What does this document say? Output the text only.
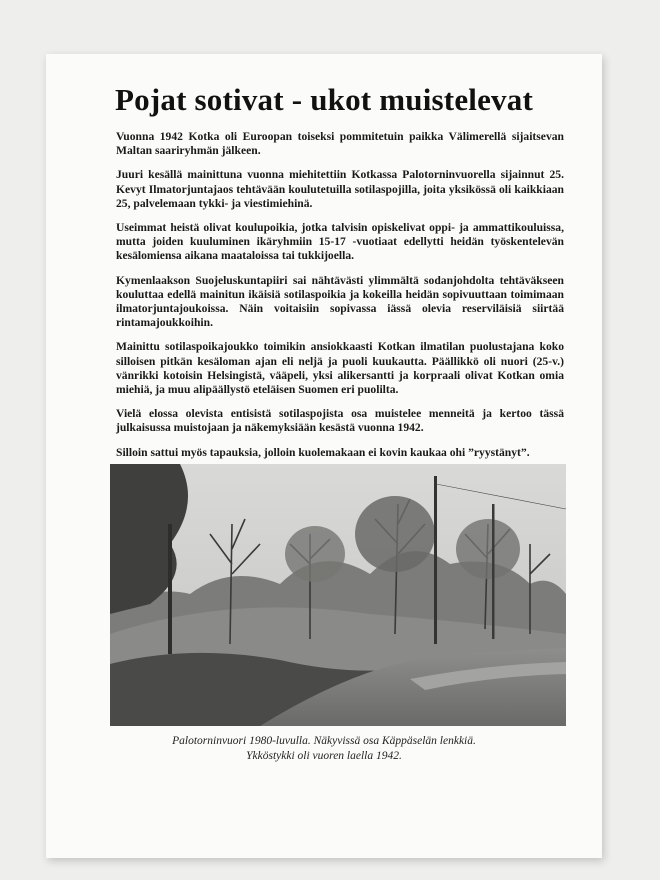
Pojat sotivat - ukot muistelevat

Vuonna 1942 Kotka oli Euroopan toiseksi pommitetuin paikka Välimerellä sijaitsevan Maltan saariryhmän jälkeen.

Juuri kesällä mainittuna vuonna miehitettiin Kotkassa Palotorninvuorella sijainnut 25. Kevyt Ilmatorjuntajaos tehtävään koulutetuilla sotilaspojilla, joita yksikössä oli kaikkiaan 25, palvelemaan tykki- ja viestimiehinä.

Useimmat heistä olivat koulupoikia, jotka talvisin opiskelivat oppi- ja ammattikouluissa, mutta joiden kuuluminen ikäryhmiin 15-17 -vuotiaat edellytti heidän työskentelevän kesälomiensa aikana maataloissa tai tukkijoella.

Kymenlaakson Suojeluskuntapiiri sai nähtävästi ylimmältä sodanjohdolta tehtäväkseen kouluttaa edellä mainitun ikäisiä sotilaspoikia ja kokeilla heidän sopivuuttaan toimimaan ilmatorjuntajoukoissa. Näin voitaisiin sopivassa iässä olevia reserviläisiä siirtää rintamajoukkoihin.

Mainittu sotilaspoikajoukko toimikin ansiokkaasti Kotkan ilmatilan puolustajana koko silloisen pitkän kesäloman ajan eli neljä ja puoli kuukautta. Päällikkö oli nuori (25-v.) vänrikki kotoisin Helsingistä, vääpeli, yksi alikersantti ja korpraali olivat Kotkan omia miehiä, ja muu alipäällystö eteläisen Suomen eri puolilta.

Vielä elossa olevista entisistä sotilaspojista osa muistelee menneitä ja kertoo tässä julkaisussa muistojaan ja näkemyksiään kesästä vuonna 1942.

Silloin sattui myös tapauksia, jolloin kuolemakaan ei kovin kaukaa ohi ”ryystänyt”.

Palotorninvuori 1980-luvulla. Näkyvissä osa Käppäselän lenkkiä.
Ykköstykki oli vuoren laella 1942.
